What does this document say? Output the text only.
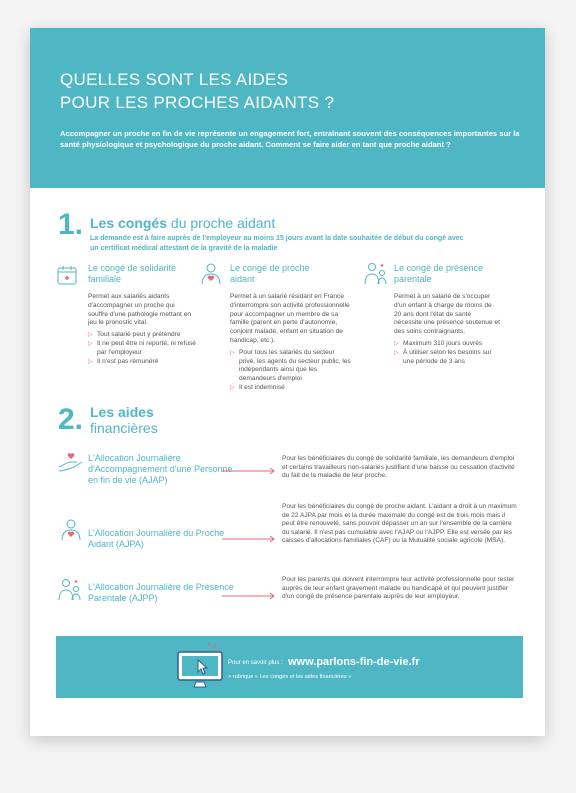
QUELLES SONT LES AIDES
POUR LES PROCHES AIDANTS ?
Accompagner un proche en fin de vie représente un engagement fort, entraînant souvent des conséquences importantes sur la santé physiologique et psychologique du proche aidant. Comment se faire aider en tant que proche aidant ?
1. Les congés du proche aidant
La demande est à faire auprès de l'employeur au moins 15 jours avant la date souhaitée de début du congé avec un certificat médical attestant de la gravité de la maladie
Le congé de solidarité familiale
Permet aux salariés aidants d'accompagner un proche qui souffre d'une pathologie mettant en jeu le pronostic vital.
▷ Tout salarié peut y prétendre
▷ Il ne peut être ni reporté, ni refusé par l'employeur
▷ Il n'est pas rémunéré
Le congé de proche aidant
Permet à un salarié résidant en France d'interrompre son activité professionnelle pour accompagner un membre de sa famille (parent en perte d'autonomie, conjoint malade, enfant en situation de handicap, etc.).
▷ Pour tous les salariés du secteur privé, les agents du secteur public, les indépendants ainsi que les demandeurs d'emploi
▷ Il est indemnisé
Le congé de présence parentale
Permet à un salarié de s'occuper d'un enfant à charge de moins de 20 ans dont l'état de santé nécessite une présence soutenue et des soins contraignants.
▷ Maximum 310 jours ouvrés
▷ À utiliser selon les besoins sur une période de 3 ans
2. Les aides
financières
L'Allocation Journalière d'Accompagnement d'une Personne en fin de vie (AJAP)
Pour les bénéficiaires du congé de solidarité familiale, les demandeurs d'emploi et certains travailleurs non-salariés justifiant d'une baisse ou cessation d'activité du fait de la maladie de leur proche.
L'Allocation Journalière du Proche Aidant (AJPA)
Pour les bénéficiaires du congé de proche aidant. L'aidant a droit à un maximum de 22 AJPA par mois et la durée maximale du congé est de trois mois mais il peut être renouvelé, sans pouvoir dépasser un an sur l'ensemble de la carrière du salarié. Il n'est pas cumulable avec l'AJAP ou l'AJPP. Elle est versée par les caisses d'allocations familiales (CAF) ou la Mutualité sociale agricole (MSA).
L'Allocation Journalière de Présence Parentale (AJPP)
Pour les parents qui doivent interrompre leur activité professionnelle pour rester auprès de leur enfant gravement malade ou handicapé et qui peuvent justifier d'un congé de présence parentale auprès de leur employeur.
Pour en savoir plus : www.parlons-fin-de-vie.fr
> rubrique « Les congés et les aides financières »
